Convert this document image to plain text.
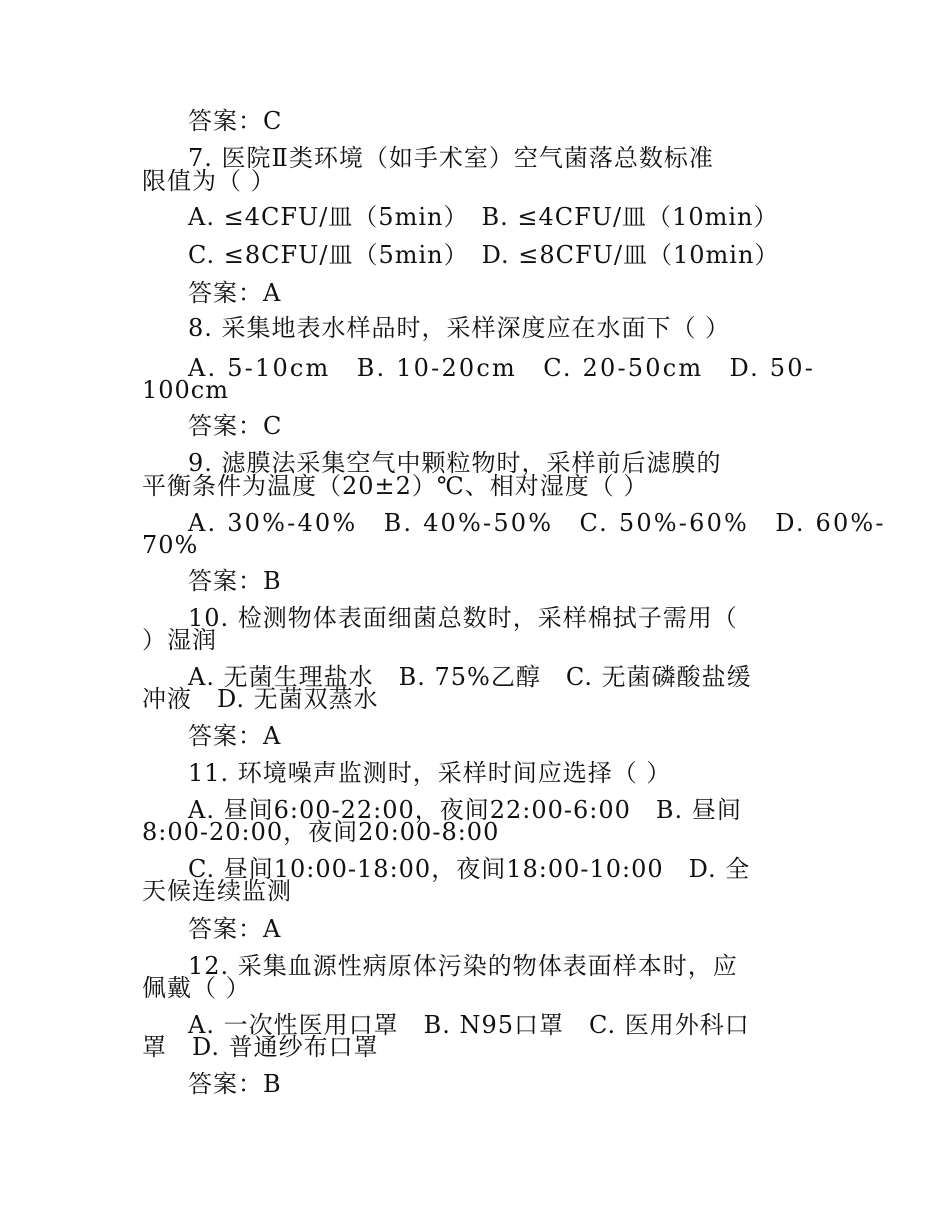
答案：C
7. 医院Ⅱ类环境（如手术室）空气菌落总数标准
限值为（ ）
A. ≤4CFU/皿（5min）　B. ≤4CFU/皿（10min）
C. ≤8CFU/皿（5min）　D. ≤8CFU/皿（10min）
答案：A
8. 采集地表水样品时，采样深度应在水面下（ ）
A. 5-10cm　B. 10-20cm　C. 20-50cm　D. 50-
100cm
答案：C
9. 滤膜法采集空气中颗粒物时，采样前后滤膜的
平衡条件为温度（20±2）℃、相对湿度（ ）
A. 30%-40%　B. 40%-50%　C. 50%-60%　D. 60%-
70%
答案：B
10. 检测物体表面细菌总数时，采样棉拭子需用（
）湿润
A. 无菌生理盐水　B. 75%乙醇　C. 无菌磷酸盐缓
冲液　D. 无菌双蒸水
答案：A
11. 环境噪声监测时，采样时间应选择（ ）
A. 昼间6:00-22:00，夜间22:00-6:00　B. 昼间
8:00-20:00，夜间20:00-8:00
C. 昼间10:00-18:00，夜间18:00-10:00　D. 全
天候连续监测
答案：A
12. 采集血源性病原体污染的物体表面样本时，应
佩戴（ ）
A. 一次性医用口罩　B. N95口罩　C. 医用外科口
罩　D. 普通纱布口罩
答案：B
